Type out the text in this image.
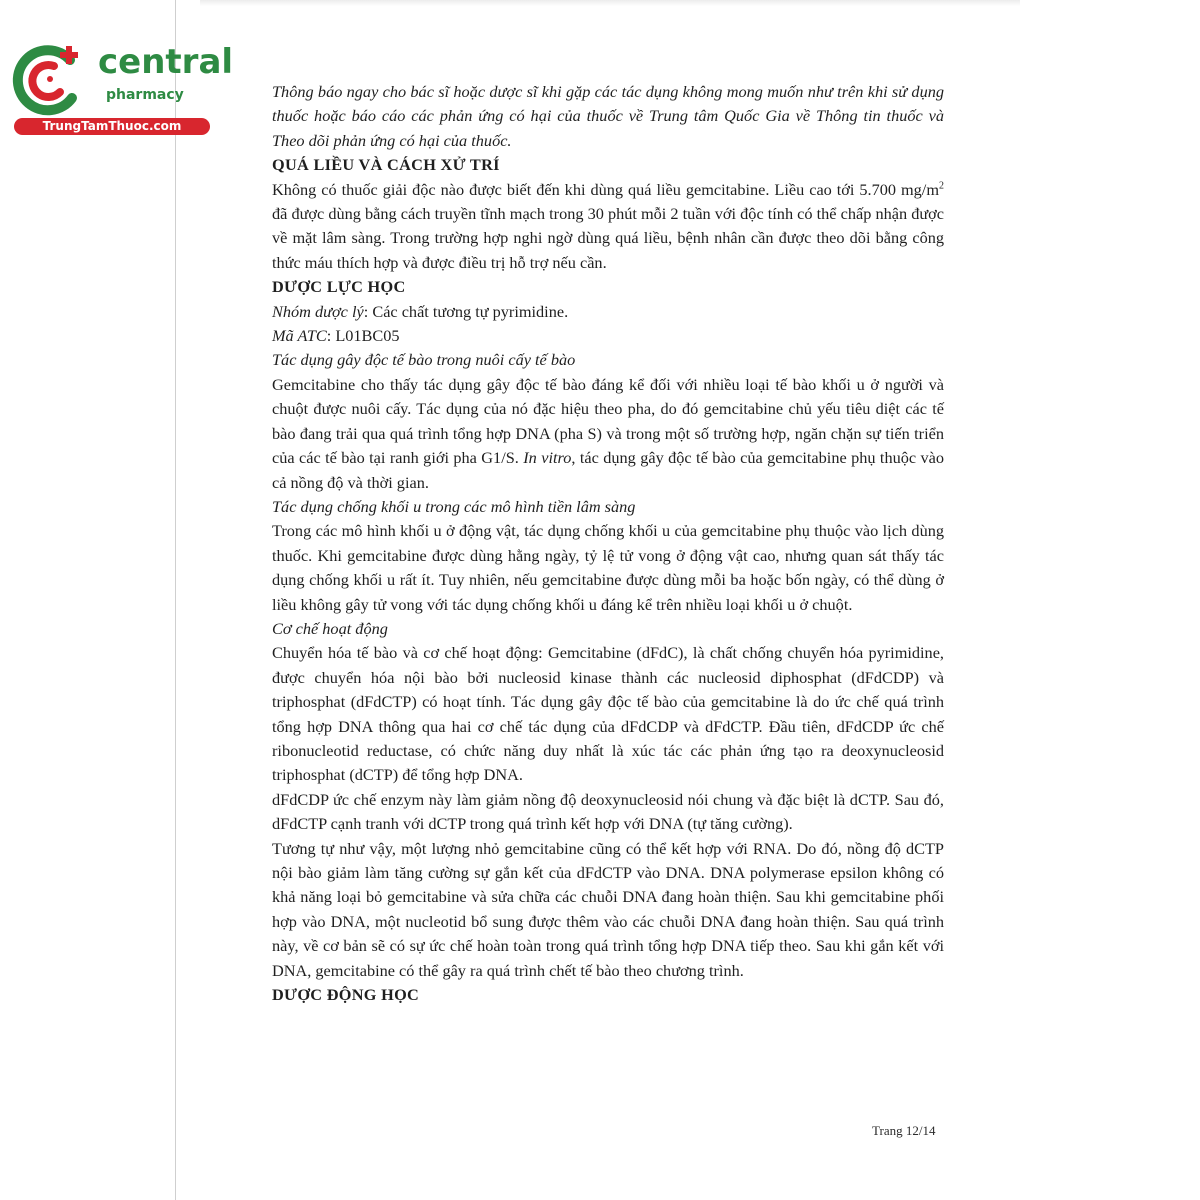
central
pharmacy
TrungTamThuoc.com

Thông báo ngay cho bác sĩ hoặc dược sĩ khi gặp các tác dụng không mong muốn như trên khi sử dụng thuốc hoặc báo cáo các phản ứng có hại của thuốc về Trung tâm Quốc Gia về Thông tin thuốc và Theo dõi phản ứng có hại của thuốc.

QUÁ LIỀU VÀ CÁCH XỬ TRÍ

Không có thuốc giải độc nào được biết đến khi dùng quá liều gemcitabine. Liều cao tới 5.700 $mg/m^2$ đã được dùng bằng cách truyền tĩnh mạch trong 30 phút mỗi 2 tuần với độc tính có thể chấp nhận được về mặt lâm sàng. Trong trường hợp nghi ngờ dùng quá liều, bệnh nhân cần được theo dõi bằng công thức máu thích hợp và được điều trị hỗ trợ nếu cần.

DƯỢC LỰC HỌC

Nhóm dược lý: Các chất tương tự pyrimidine.

Mã ATC: L01BC05

Tác dụng gây độc tế bào trong nuôi cấy tế bào

Gemcitabine cho thấy tác dụng gây độc tế bào đáng kể đối với nhiều loại tế bào khối u ở người và chuột được nuôi cấy. Tác dụng của nó đặc hiệu theo pha, do đó gemcitabine chủ yếu tiêu diệt các tế bào đang trải qua quá trình tổng hợp DNA (pha S) và trong một số trường hợp, ngăn chặn sự tiến triển của các tế bào tại ranh giới pha G1/S. In vitro, tác dụng gây độc tế bào của gemcitabine phụ thuộc vào cả nồng độ và thời gian.

Tác dụng chống khối u trong các mô hình tiền lâm sàng

Trong các mô hình khối u ở động vật, tác dụng chống khối u của gemcitabine phụ thuộc vào lịch dùng thuốc. Khi gemcitabine được dùng hằng ngày, tỷ lệ tử vong ở động vật cao, nhưng quan sát thấy tác dụng chống khối u rất ít. Tuy nhiên, nếu gemcitabine được dùng mỗi ba hoặc bốn ngày, có thể dùng ở liều không gây tử vong với tác dụng chống khối u đáng kể trên nhiều loại khối u ở chuột.

Cơ chế hoạt động

Chuyển hóa tế bào và cơ chế hoạt động: Gemcitabine (dFdC), là chất chống chuyển hóa pyrimidine, được chuyển hóa nội bào bởi nucleosid kinase thành các nucleosid diphosphat (dFdCDP) và triphosphat (dFdCTP) có hoạt tính. Tác dụng gây độc tế bào của gemcitabine là do ức chế quá trình tổng hợp DNA thông qua hai cơ chế tác dụng của dFdCDP và dFdCTP. Đầu tiên, dFdCDP ức chế ribonucleotid reductase, có chức năng duy nhất là xúc tác các phản ứng tạo ra deoxynucleosid triphosphat (dCTP) để tổng hợp DNA.

dFdCDP ức chế enzym này làm giảm nồng độ deoxynucleosid nói chung và đặc biệt là dCTP. Sau đó, dFdCTP cạnh tranh với dCTP trong quá trình kết hợp với DNA (tự tăng cường).

Tương tự như vậy, một lượng nhỏ gemcitabine cũng có thể kết hợp với RNA. Do đó, nồng độ dCTP nội bào giảm làm tăng cường sự gắn kết của dFdCTP vào DNA. DNA polymerase epsilon không có khả năng loại bỏ gemcitabine và sửa chữa các chuỗi DNA đang hoàn thiện. Sau khi gemcitabine phối hợp vào DNA, một nucleotid bổ sung được thêm vào các chuỗi DNA đang hoàn thiện. Sau quá trình này, về cơ bản sẽ có sự ức chế hoàn toàn trong quá trình tổng hợp DNA tiếp theo. Sau khi gắn kết với DNA, gemcitabine có thể gây ra quá trình chết tế bào theo chương trình.

DƯỢC ĐỘNG HỌC

Trang 12/14
